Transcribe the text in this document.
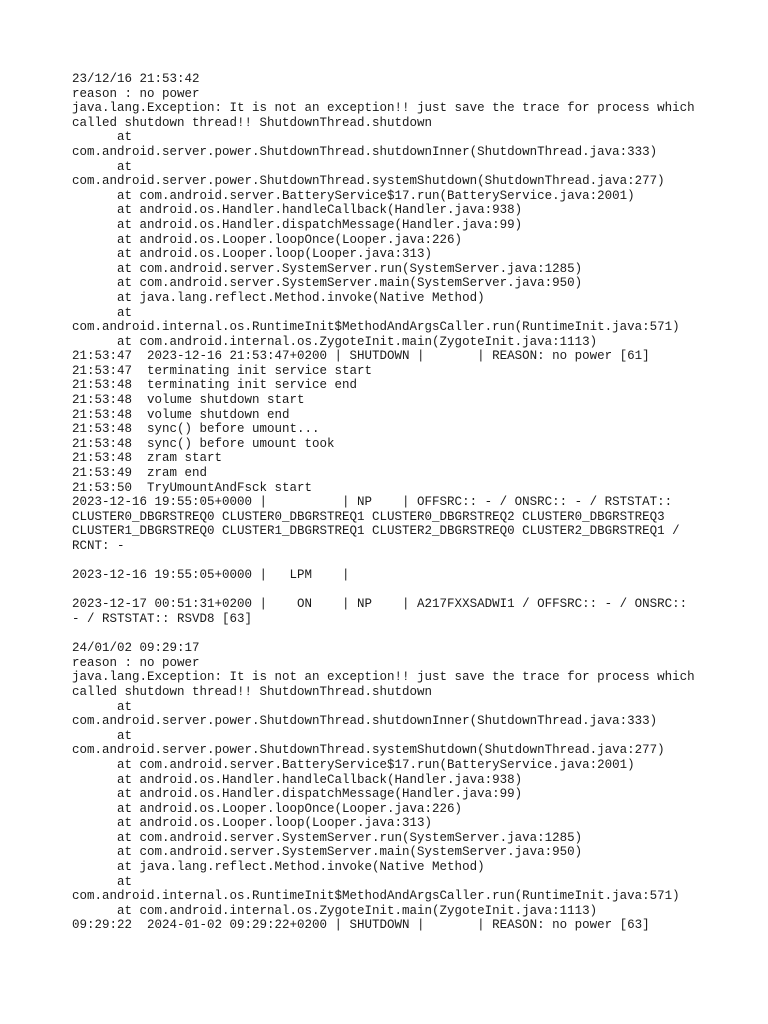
23/12/16 21:53:42
reason : no power
java.lang.Exception: It is not an exception!! just save the trace for process which
called shutdown thread!! ShutdownThread.shutdown
at
com.android.server.power.ShutdownThread.shutdownInner(ShutdownThread.java:333)
at
com.android.server.power.ShutdownThread.systemShutdown(ShutdownThread.java:277)
at com.android.server.BatteryService$17.run(BatteryService.java:2001)
at android.os.Handler.handleCallback(Handler.java:938)
at android.os.Handler.dispatchMessage(Handler.java:99)
at android.os.Looper.loopOnce(Looper.java:226)
at android.os.Looper.loop(Looper.java:313)
at com.android.server.SystemServer.run(SystemServer.java:1285)
at com.android.server.SystemServer.main(SystemServer.java:950)
at java.lang.reflect.Method.invoke(Native Method)
at
com.android.internal.os.RuntimeInit$MethodAndArgsCaller.run(RuntimeInit.java:571)
at com.android.internal.os.ZygoteInit.main(ZygoteInit.java:1113)
21:53:47  2023-12-16 21:53:47+0200 | SHUTDOWN |       | REASON: no power [61]
21:53:47  terminating init service start
21:53:48  terminating init service end
21:53:48  volume shutdown start
21:53:48  volume shutdown end
21:53:48  sync() before umount...
21:53:48  sync() before umount took
21:53:48  zram start
21:53:49  zram end
21:53:50  TryUmountAndFsck start
2023-12-16 19:55:05+0000 |          | NP    | OFFSRC:: - / ONSRC:: - / RSTSTAT::
CLUSTER0_DBGRSTREQ0 CLUSTER0_DBGRSTREQ1 CLUSTER0_DBGRSTREQ2 CLUSTER0_DBGRSTREQ3
CLUSTER1_DBGRSTREQ0 CLUSTER1_DBGRSTREQ1 CLUSTER2_DBGRSTREQ0 CLUSTER2_DBGRSTREQ1 /
RCNT: -

2023-12-16 19:55:05+0000 |   LPM    |

2023-12-17 00:51:31+0200 |    ON    | NP    | A217FXXSADWI1 / OFFSRC:: - / ONSRC::
- / RSTSTAT:: RSVD8 [63]

24/01/02 09:29:17
reason : no power
java.lang.Exception: It is not an exception!! just save the trace for process which
called shutdown thread!! ShutdownThread.shutdown
at
com.android.server.power.ShutdownThread.shutdownInner(ShutdownThread.java:333)
at
com.android.server.power.ShutdownThread.systemShutdown(ShutdownThread.java:277)
at com.android.server.BatteryService$17.run(BatteryService.java:2001)
at android.os.Handler.handleCallback(Handler.java:938)
at android.os.Handler.dispatchMessage(Handler.java:99)
at android.os.Looper.loopOnce(Looper.java:226)
at android.os.Looper.loop(Looper.java:313)
at com.android.server.SystemServer.run(SystemServer.java:1285)
at com.android.server.SystemServer.main(SystemServer.java:950)
at java.lang.reflect.Method.invoke(Native Method)
at
com.android.internal.os.RuntimeInit$MethodAndArgsCaller.run(RuntimeInit.java:571)
at com.android.internal.os.ZygoteInit.main(ZygoteInit.java:1113)
09:29:22  2024-01-02 09:29:22+0200 | SHUTDOWN |       | REASON: no power [63]
